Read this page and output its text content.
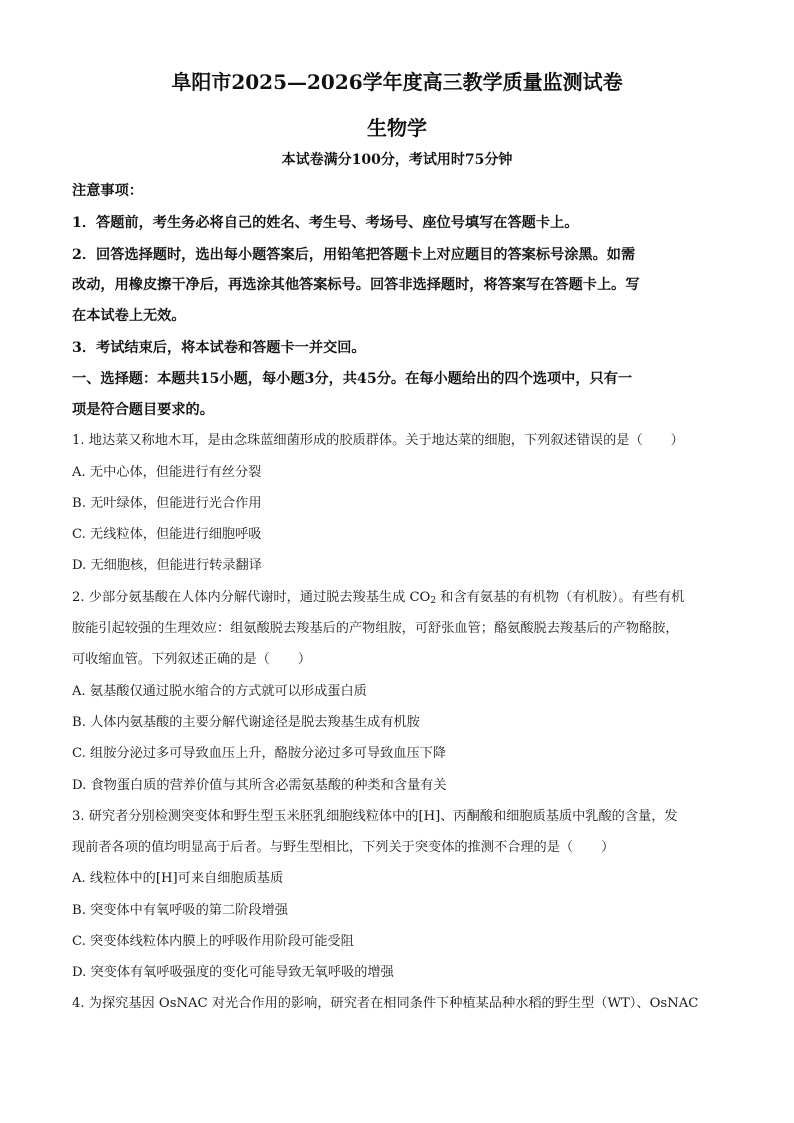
阜阳市2025—2026学年度高三教学质量监测试卷
生物学
本试卷满分100分，考试用时75分钟
注意事项：
1．答题前，考生务必将自己的姓名、考生号、考场号、座位号填写在答题卡上。
2．回答选择题时，选出每小题答案后，用铅笔把答题卡上对应题目的答案标号涂黑。如需
改动，用橡皮擦干净后，再选涂其他答案标号。回答非选择题时，将答案写在答题卡上。写
在本试卷上无效。
3．考试结束后，将本试卷和答题卡一并交回。
一、选择题：本题共15小题，每小题3分，共45分。在每小题给出的四个选项中，只有一
项是符合题目要求的。
1. 地达菜又称地木耳，是由念珠蓝细菌形成的胶质群体。关于地达菜的细胞，下列叙述错误的是（ ）
A. 无中心体，但能进行有丝分裂
B. 无叶绿体，但能进行光合作用
C. 无线粒体，但能进行细胞呼吸
D. 无细胞核，但能进行转录翻译
2. 少部分氨基酸在人体内分解代谢时，通过脱去羧基生成 $CO_2$ 和含有氨基的有机物（有机胺）。有些有机
胺能引起较强的生理效应：组氨酸脱去羧基后的产物组胺，可舒张血管；酪氨酸脱去羧基后的产物酪胺，
可收缩血管。下列叙述正确的是（ ）
A. 氨基酸仅通过脱水缩合的方式就可以形成蛋白质
B. 人体内氨基酸的主要分解代谢途径是脱去羧基生成有机胺
C. 组胺分泌过多可导致血压上升，酪胺分泌过多可导致血压下降
D. 食物蛋白质的营养价值与其所含必需氨基酸的种类和含量有关
3. 研究者分别检测突变体和野生型玉米胚乳细胞线粒体中的[H]、丙酮酸和细胞质基质中乳酸的含量，发
现前者各项的值均明显高于后者。与野生型相比，下列关于突变体的推测不合理的是（ ）
A. 线粒体中的[H]可来自细胞质基质
B. 突变体中有氧呼吸的第二阶段增强
C. 突变体线粒体内膜上的呼吸作用阶段可能受阻
D. 突变体有氧呼吸强度的变化可能导致无氧呼吸的增强
4. 为探究基因 OsNAC 对光合作用的影响，研究者在相同条件下种植某品种水稻的野生型（WT）、OsNAC
